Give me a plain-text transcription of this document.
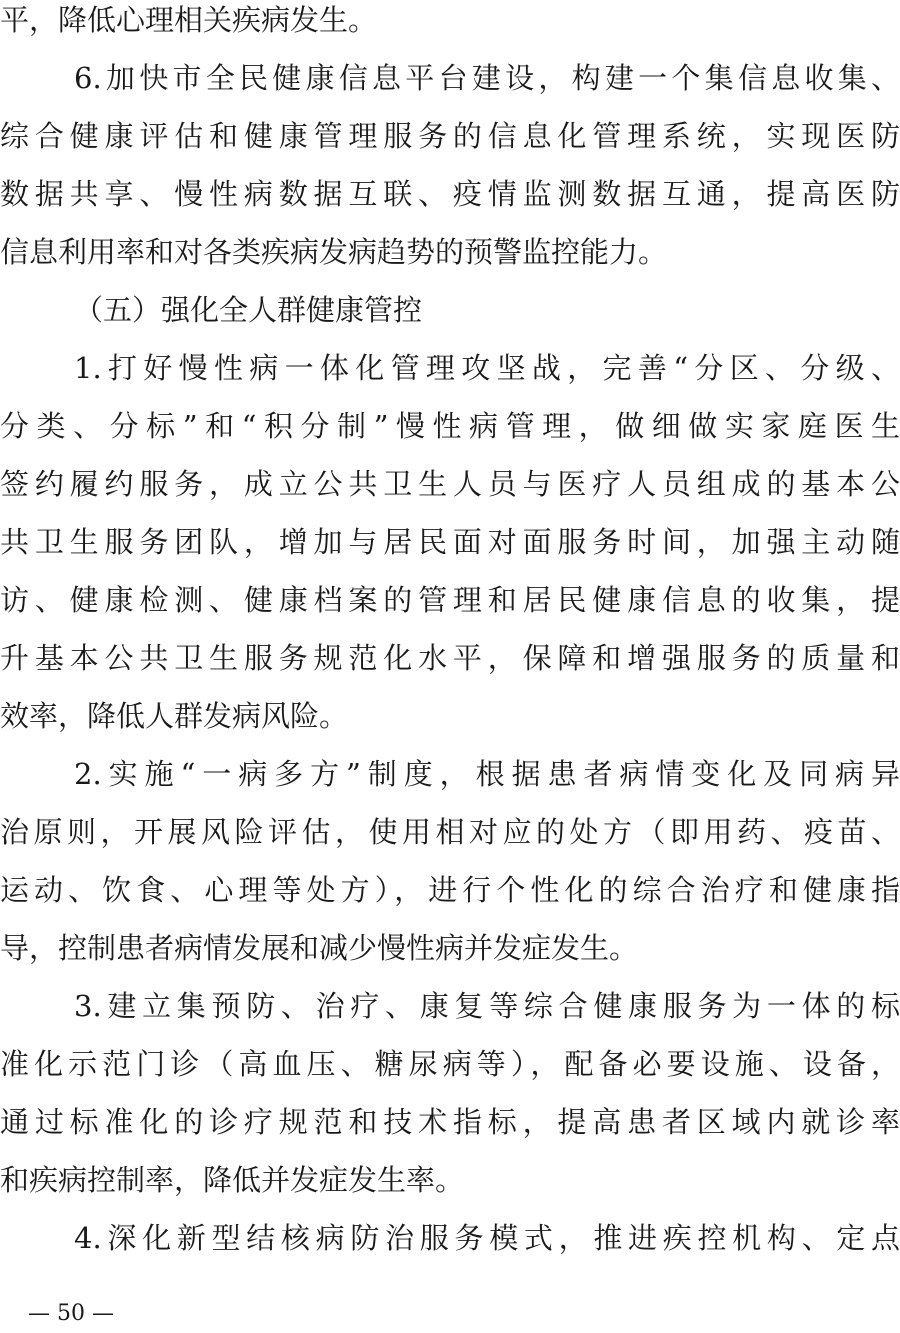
平，降低心理相关疾病发生。
6.加快市全民健康信息平台建设，构建一个集信息收集、
综合健康评估和健康管理服务的信息化管理系统，实现医防
数据共享、慢性病数据互联、疫情监测数据互通，提高医防
信息利用率和对各类疾病发病趋势的预警监控能力。
（五）强化全人群健康管控
1.打好慢性病一体化管理攻坚战，完善“分区、分级、
分类、分标”和“积分制”慢性病管理，做细做实家庭医生
签约履约服务，成立公共卫生人员与医疗人员组成的基本公
共卫生服务团队，增加与居民面对面服务时间，加强主动随
访、健康检测、健康档案的管理和居民健康信息的收集，提
升基本公共卫生服务规范化水平，保障和增强服务的质量和
效率，降低人群发病风险。
2.实施“一病多方”制度，根据患者病情变化及同病异
治原则，开展风险评估，使用相对应的处方（即用药、疫苗、
运动、饮食、心理等处方），进行个性化的综合治疗和健康指
导，控制患者病情发展和减少慢性病并发症发生。
3.建立集预防、治疗、康复等综合健康服务为一体的标
准化示范门诊（高血压、糖尿病等），配备必要设施、设备，
通过标准化的诊疗规范和技术指标，提高患者区域内就诊率
和疾病控制率，降低并发症发生率。
4.深化新型结核病防治服务模式，推进疾控机构、定点
— 50 —
